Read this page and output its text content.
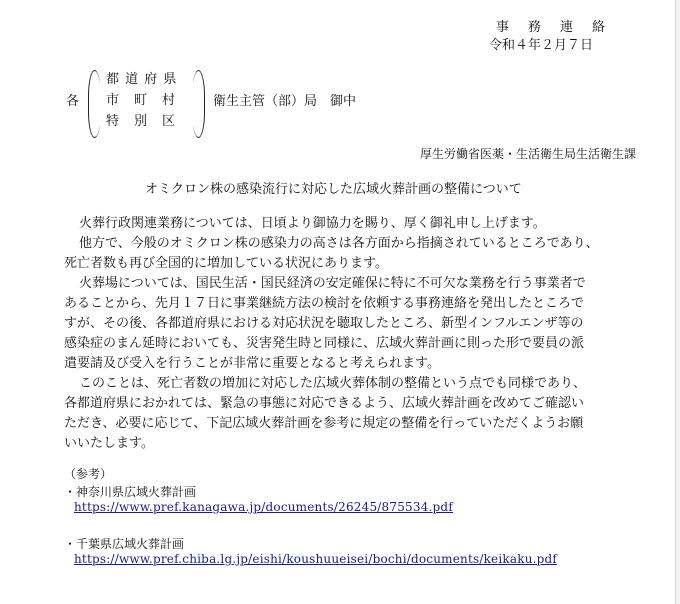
事　務　連　絡
令和４年２月７日
各
都 道 府 県
市　町　村
特　別　区
衛生主管（部）局　御中
厚生労働省医薬・生活衛生局生活衛生課
オミクロン株の感染流行に対応した広域火葬計画の整備について

火葬行政関連業務については、日頃より御協力を賜り、厚く御礼申し上げます。

他方で、今般のオミクロン株の感染力の高さは各方面から指摘されているところであり、

死亡者数も再び全国的に増加している状況にあります。

火葬場については、国民生活・国民経済の安定確保に特に不可欠な業務を行う事業者で

あることから、先月１７日に事業継続方法の検討を依頼する事務連絡を発出したところで

すが、その後、各都道府県における対応状況を聴取したところ、新型インフルエンザ等の

感染症のまん延時においても、災害発生時と同様に、広域火葬計画に則った形で要員の派

遣要請及び受入を行うことが非常に重要となると考えられます。

このことは、死亡者数の増加に対応した広域火葬体制の整備という点でも同様であり、

各都道府県におかれては、緊急の事態に対応できるよう、広域火葬計画を改めてご確認い

ただき、必要に応じて、下記広域火葬計画を参考に規定の整備を行っていただくようお願

いいたします。

（参考）
・神奈川県広域火葬計画
https://www.pref.kanagawa.jp/documents/26245/875534.pdf
・千葉県広域火葬計画
https://www.pref.chiba.lg.jp/eishi/koushuueisei/bochi/documents/keikaku.pdf
